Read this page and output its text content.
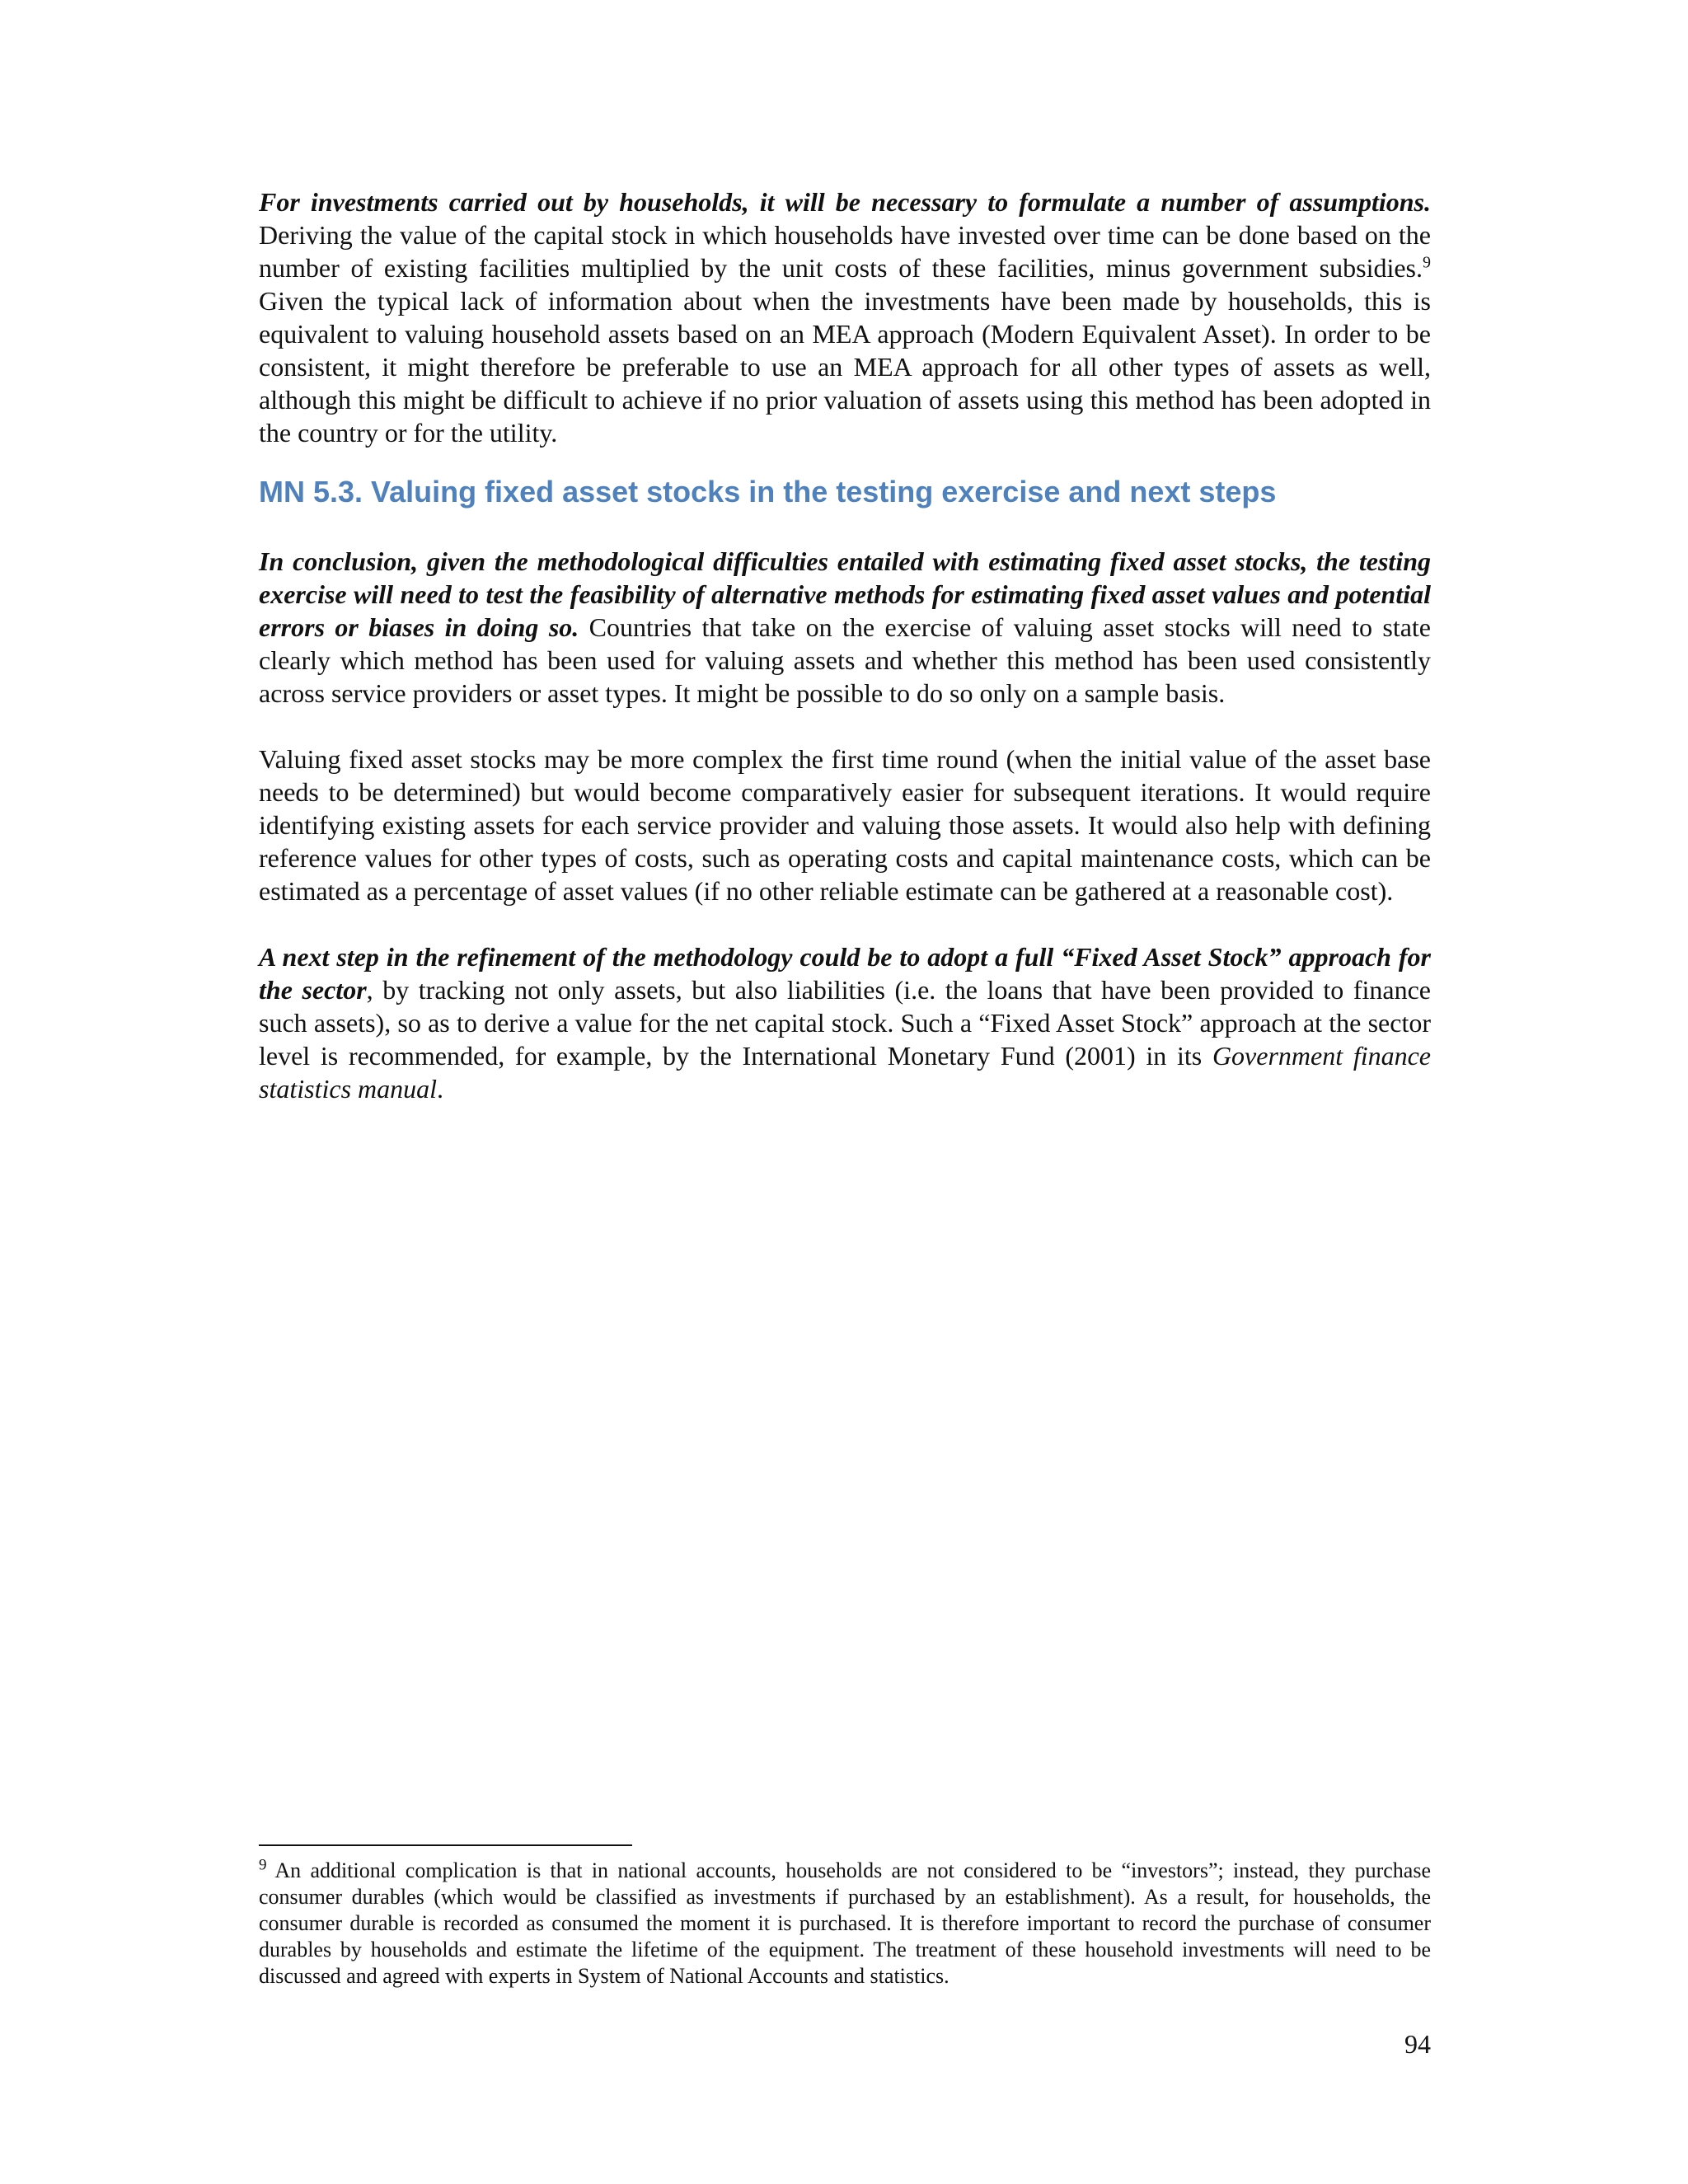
For investments carried out by households, it will be necessary to formulate a number of assumptions. Deriving the value of the capital stock in which households have invested over time can be done based on the number of existing facilities multiplied by the unit costs of these facilities, minus government subsidies.$^9$ Given the typical lack of information about when the investments have been made by households, this is equivalent to valuing household assets based on an MEA approach (Modern Equivalent Asset). In order to be consistent, it might therefore be preferable to use an MEA approach for all other types of assets as well, although this might be difficult to achieve if no prior valuation of assets using this method has been adopted in the country or for the utility.

MN 5.3. Valuing fixed asset stocks in the testing exercise and next steps

In conclusion, given the methodological difficulties entailed with estimating fixed asset stocks, the testing exercise will need to test the feasibility of alternative methods for estimating fixed asset values and potential errors or biases in doing so. Countries that take on the exercise of valuing asset stocks will need to state clearly which method has been used for valuing assets and whether this method has been used consistently across service providers or asset types. It might be possible to do so only on a sample basis.

Valuing fixed asset stocks may be more complex the first time round (when the initial value of the asset base needs to be determined) but would become comparatively easier for subsequent iterations. It would require identifying existing assets for each service provider and valuing those assets. It would also help with defining reference values for other types of costs, such as operating costs and capital maintenance costs, which can be estimated as a percentage of asset values (if no other reliable estimate can be gathered at a reasonable cost).

A next step in the refinement of the methodology could be to adopt a full “Fixed Asset Stock” approach for the sector, by tracking not only assets, but also liabilities (i.e. the loans that have been provided to finance such assets), so as to derive a value for the net capital stock. Such a “Fixed Asset Stock” approach at the sector level is recommended, for example, by the International Monetary Fund (2001) in its Government finance statistics manual.

$^9$ An additional complication is that in national accounts, households are not considered to be “investors”; instead, they purchase consumer durables (which would be classified as investments if purchased by an establishment). As a result, for households, the consumer durable is recorded as consumed the moment it is purchased. It is therefore important to record the purchase of consumer durables by households and estimate the lifetime of the equipment. The treatment of these household investments will need to be discussed and agreed with experts in System of National Accounts and statistics.

94
